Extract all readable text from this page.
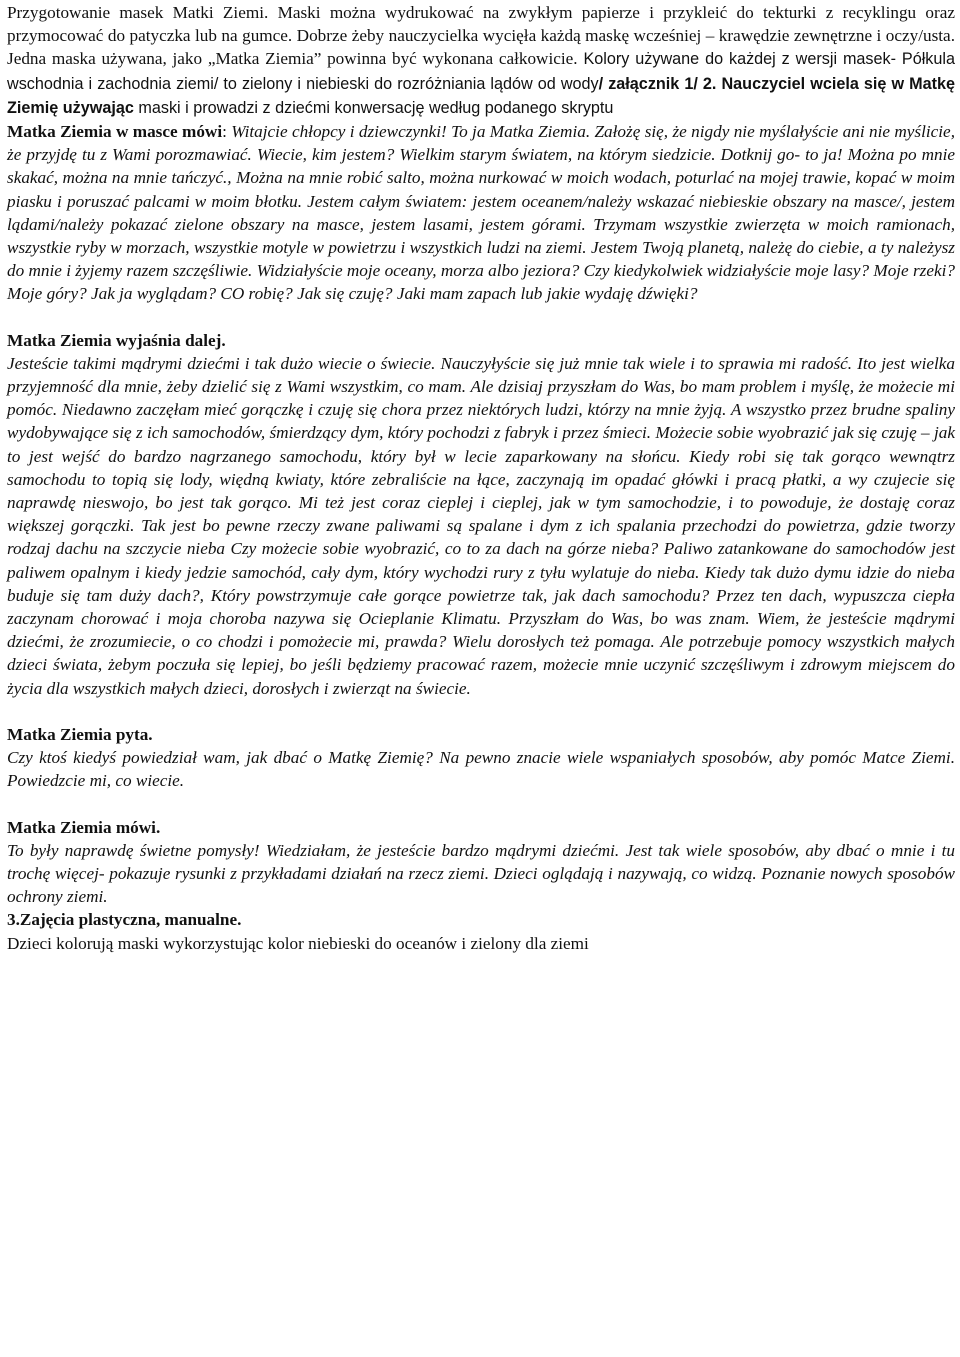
Przygotowanie masek Matki Ziemi. Maski można wydrukować na zwykłym papierze i przykleić do tekturki z recyklingu oraz przymocować do patyczka lub na gumce. Dobrze żeby nauczycielka wycięła każdą maskę wcześniej – krawędzie zewnętrzne i oczy/usta. Jedna maska używana, jako „Matka Ziemia” powinna być wykonana całkowicie. Kolory używane do każdej z wersji masek- Półkula wschodnia i zachodnia ziemi/ to zielony i niebieski do rozróżniania lądów od wody/ załącznik 1/ 2. Nauczyciel wciela się w Matkę Ziemię używając maski i prowadzi z dziećmi konwersację według podanego skryptu

Matka Ziemia w masce mówi: Witajcie chłopcy i dziewczynki! To ja Matka Ziemia. Założę się, że nigdy nie myślałyście ani nie myślicie, że przyjdę tu z Wami porozmawiać. Wiecie, kim jestem? Wielkim starym światem, na którym siedzicie. Dotknij go- to ja! Można po mnie skakać, można na mnie tańczyć., Można na mnie robić salto, można nurkować w moich wodach, poturlać na mojej trawie, kopać w moim piasku i poruszać palcami w moim błotku. Jestem całym światem: jestem oceanem/należy wskazać niebieskie obszary na masce/, jestem lądami/należy pokazać zielone obszary na masce, jestem lasami, jestem górami. Trzymam wszystkie zwierzęta w moich ramionach, wszystkie ryby w morzach, wszystkie motyle w powietrzu i wszystkich ludzi na ziemi. Jestem Twoją planetą, należę do ciebie, a ty należysz do mnie i żyjemy razem szczęśliwie. Widziałyście moje oceany, morza albo jeziora? Czy kiedykolwiek widziałyście moje lasy? Moje rzeki? Moje góry? Jak ja wyglądam? CO robię? Jak się czuję? Jaki mam zapach lub jakie wydaję dźwięki?

Matka Ziemia wyjaśnia dalej.

Jesteście takimi mądrymi dziećmi i tak dużo wiecie o świecie. Nauczyłyście się już mnie tak wiele i to sprawia mi radość. Ito jest wielka przyjemność dla mnie, żeby dzielić się z Wami wszystkim, co mam. Ale dzisiaj przyszłam do Was, bo mam problem i myślę, że możecie mi pomóc. Niedawno zaczęłam mieć gorączkę i czuję się chora przez niektórych ludzi, którzy na mnie żyją. A wszystko przez brudne spaliny wydobywające się z ich samochodów, śmierdzący dym, który pochodzi z fabryk i przez śmieci. Możecie sobie wyobrazić jak się czuję – jak to jest wejść do bardzo nagrzanego samochodu, który był w lecie zaparkowany na słońcu. Kiedy robi się tak gorąco wewnątrz samochodu to topią się lody, więdną kwiaty, które zebraliście na łące, zaczynają im opadać główki i pracą płatki, a wy czujecie się naprawdę nieswojo, bo jest tak gorąco. Mi też jest coraz cieplej i cieplej, jak w tym samochodzie, i to powoduje, że dostaję coraz większej gorączki. Tak jest bo pewne rzeczy zwane paliwami są spalane i dym z ich spalania przechodzi do powietrza, gdzie tworzy rodzaj dachu na szczycie nieba Czy możecie sobie wyobrazić, co to za dach na górze nieba? Paliwo zatankowane do samochodów jest paliwem opalnym i kiedy jedzie samochód, cały dym, który wychodzi rury z tyłu wylatuje do nieba. Kiedy tak dużo dymu idzie do nieba buduje się tam duży dach?, Który powstrzymuje całe gorące powietrze tak, jak dach samochodu? Przez ten dach, wypuszcza ciepła zaczynam chorować i moja choroba nazywa się Ocieplanie Klimatu. Przyszłam do Was, bo was znam. Wiem, że jesteście mądrymi dziećmi, że zrozumiecie, o co chodzi i pomożecie mi, prawda? Wielu dorosłych też pomaga. Ale potrzebuje pomocy wszystkich małych dzieci świata, żebym poczuła się lepiej, bo jeśli będziemy pracować razem, możecie mnie uczynić szczęśliwym i zdrowym miejscem do życia dla wszystkich małych dzieci, dorosłych i zwierząt na świecie.

Matka Ziemia pyta.

Czy ktoś kiedyś powiedział wam, jak dbać o Matkę Ziemię? Na pewno znacie wiele wspaniałych sposobów, aby pomóc Matce Ziemi. Powiedzcie mi, co wiecie.

Matka Ziemia mówi.

To były naprawdę świetne pomysły! Wiedziałam, że jesteście bardzo mądrymi dziećmi. Jest tak wiele sposobów, aby dbać o mnie i tu trochę więcej- pokazuje rysunki z przykładami działań na rzecz ziemi. Dzieci oglądają i nazywają, co widzą. Poznanie nowych sposobów ochrony ziemi.

3.Zajęcia plastyczna, manualne.

Dzieci kolorują maski wykorzystując kolor niebieski do oceanów i zielony dla ziemi
